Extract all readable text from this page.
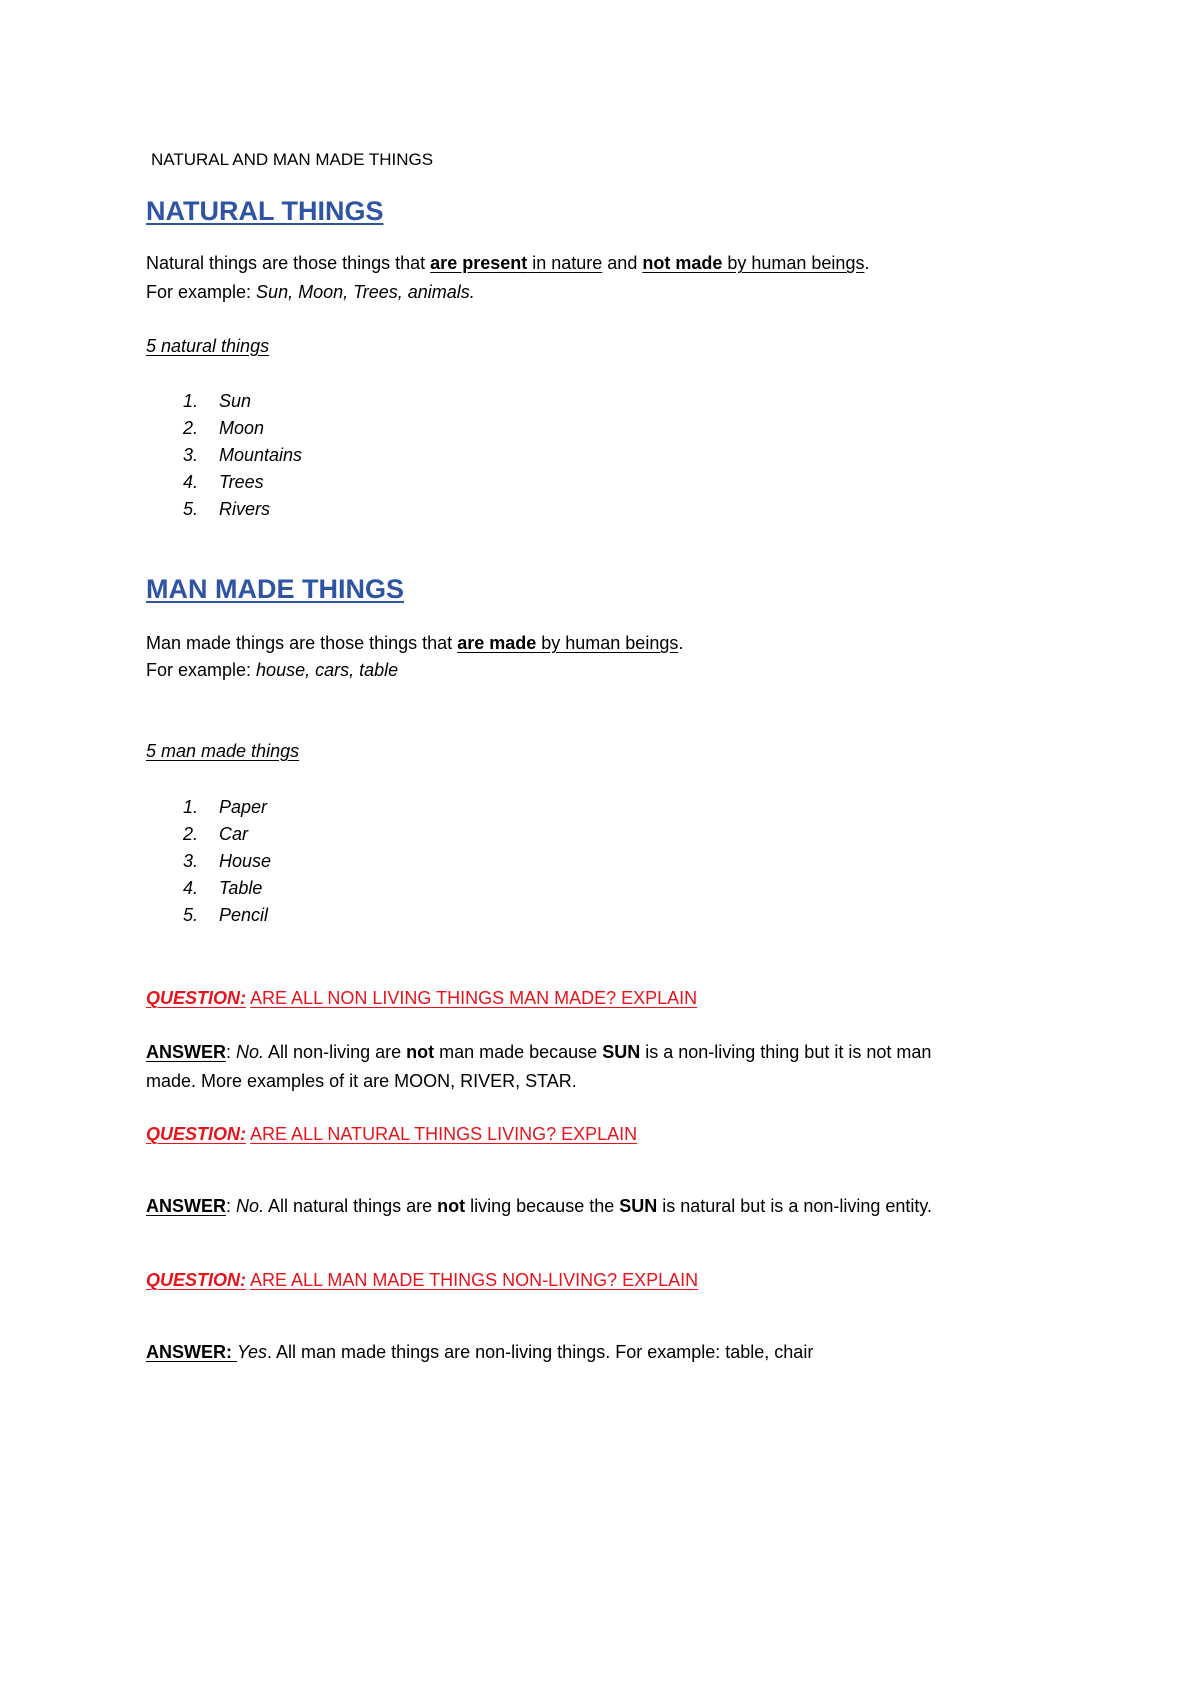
NATURAL AND MAN MADE THINGS
NATURAL THINGS
Natural things are those things that are present in nature and not made by human beings.
For example: Sun, Moon, Trees, animals.
5 natural things
1. Sun
2. Moon
3. Mountains
4. Trees
5. Rivers
MAN MADE THINGS
Man made things are those things that are made by human beings.
For example: house, cars, table
5 man made things
1. Paper
2. Car
3. House
4. Table
5. Pencil
QUESTION: ARE ALL NON LIVING THINGS MAN MADE? EXPLAIN
ANSWER: No. All non-living are not man made because SUN is a non-living thing but it is not man
made. More examples of it are MOON, RIVER, STAR.
QUESTION: ARE ALL NATURAL THINGS LIVING? EXPLAIN
ANSWER: No. All natural things are not living because the SUN is natural but is a non-living entity.
QUESTION: ARE ALL MAN MADE THINGS NON-LIVING? EXPLAIN
ANSWER: Yes. All man made things are non-living things. For example: table, chair
